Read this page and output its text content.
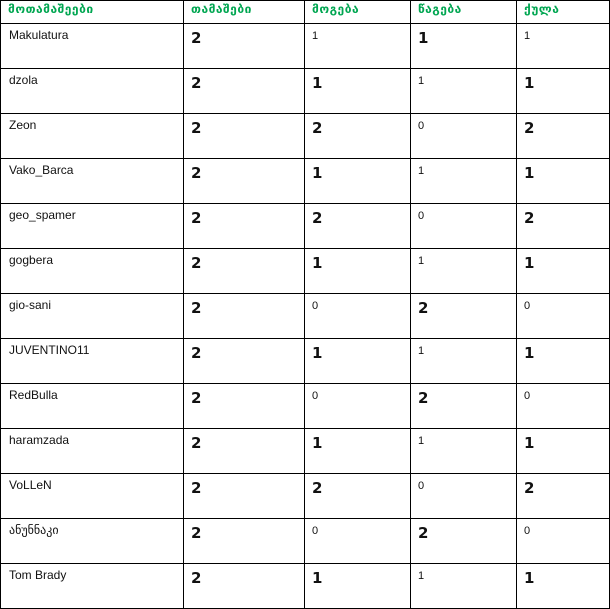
მოთამაშეები	თამაშები	მოგება	წაგება	ქულა

Makulatura	2	1	1	1

dzola	2	1	1	1

Zeon	2	2	0	2

Vako_Barca	2	1	1	1

geo_spamer	2	2	0	2

gogbera	2	1	1	1

gio-sani	2	0	2	0

JUVENTINO11	2	1	1	1

RedBulla	2	0	2	0

haramzada	2	1	1	1

VoLLeN	2	2	0	2

ანუნნაკი	2	0	2	0

Tom Brady	2	1	1	1
